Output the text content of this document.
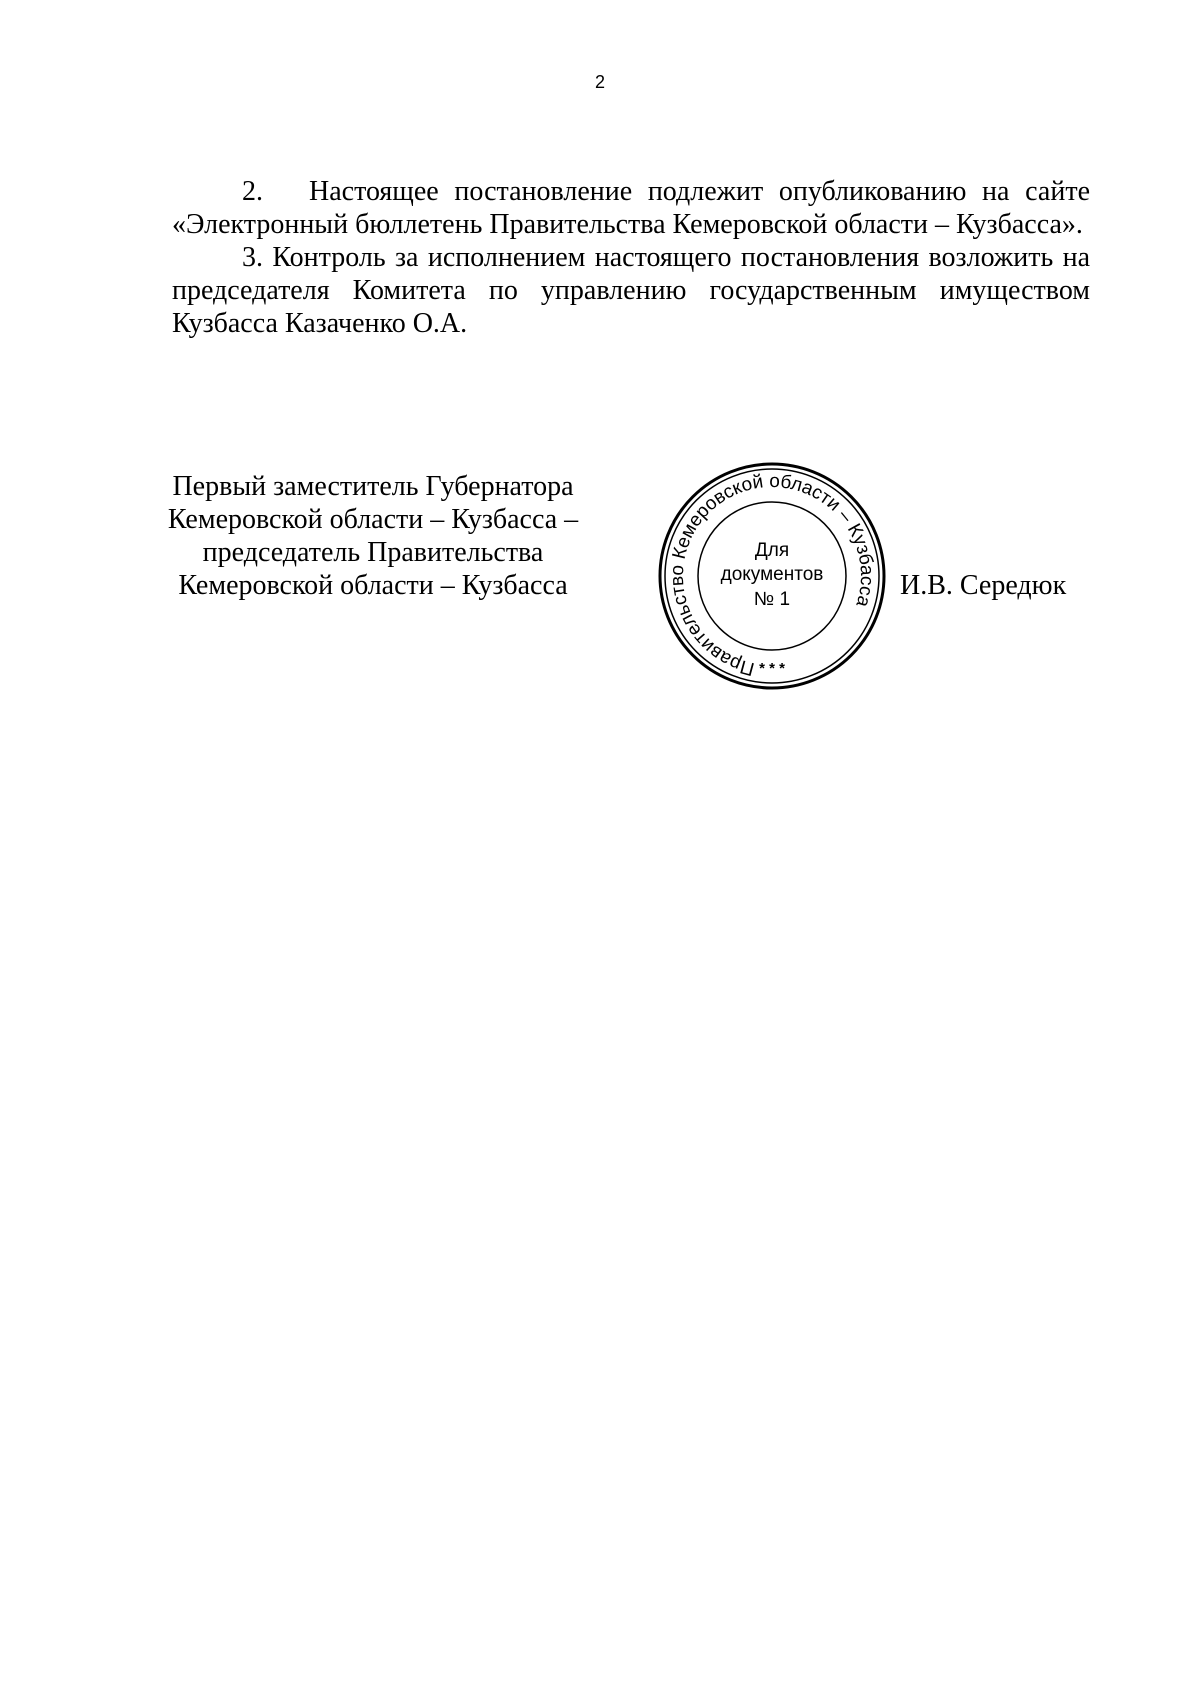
2

2. Настоящее постановление подлежит опубликованию на сайте «Электронный бюллетень Правительства Кемеровской области – Кузбасса».

3. Контроль за исполнением настоящего постановления возложить на председателя Комитета по управлению государственным имуществом Кузбасса Казаченко О.А.

Первый заместитель Губернатора
Кемеровской области – Кузбасса –
председатель Правительства
Кемеровской области – Кузбасса
Правительство Кемеровской области – Кузбасса
Для
документов
№ 1
* * *
И.В. Середюк
